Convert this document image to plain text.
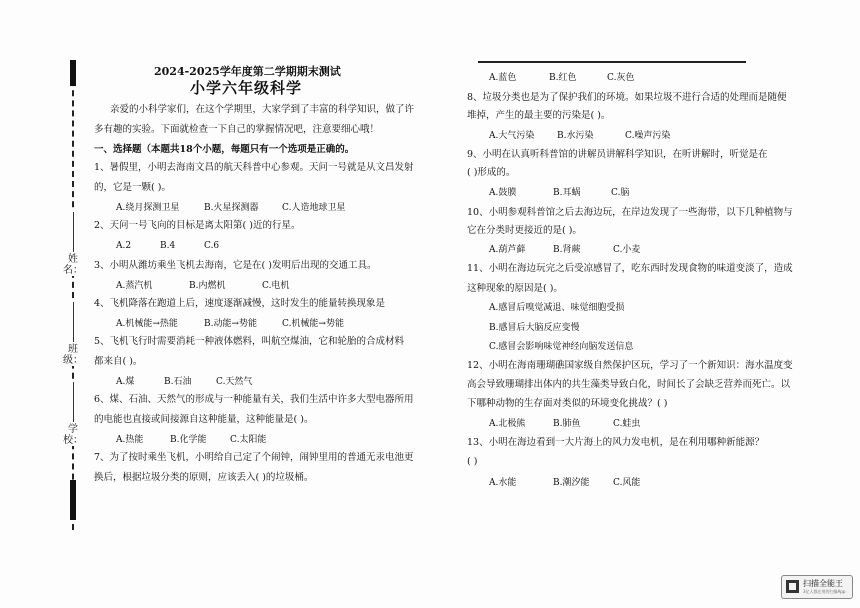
姓名：
班级：
学校：
2024-2025学年度第二学期期末测试
小学六年级科学
亲爱的小科学家们，在这个学期里，大家学到了丰富的科学知识，做了许
多有趣的实验。下面就检查一下自己的掌握情况吧，注意要细心哦！
一、选择题（本题共18个小题，每题只有一个选项是正确的。
1、暑假里，小明去海南文昌的航天科普中心参观。天问一号就是从文昌发射
的，它是一颗( )。
A.绕月探测卫星	B.火星探测器	C.人造地球卫星
2、天问一号飞向的目标是离太阳第( )近的行星。
A.2	B.4	C.6
3、小明从潍坊乘坐飞机去海南，它是在( )发明后出现的交通工具。
A.蒸汽机	B.内燃机	C.电机
4、飞机降落在跑道上后，速度逐渐减慢，这时发生的能量转换现象是
A.机械能→热能	B.动能→势能	C.机械能→势能
5、飞机飞行时需要消耗一种液体燃料，叫航空煤油，它和轮胎的合成材料
都来自( )。
A.煤	B.石油	C.天然气
6、煤、石油、天然气的形成与一种能量有关，我们生活中许多大型电器所用
的电能也直接或间接源自这种能量，这种能量是( )。
A.热能	B.化学能	C.太阳能
7、为了按时乘坐飞机，小明给自己定了个闹钟，闹钟里用的普通无汞电池更
换后，根据垃圾分类的原则，应该丢入( )的垃圾桶。
A.蓝色	B.红色	C.灰色
8、垃圾分类也是为了保护我们的环境。如果垃圾不进行合适的处理而是随便
堆掉，产生的最主要的污染是( )。
A.大气污染	B.水污染	C.噪声污染
9、小明在认真听科普馆的讲解员讲解科学知识，在听讲解时，听觉是在
( )形成的。
A.鼓膜	B.耳蜗	C.脑
10、小明参观科普馆之后去海边玩，在岸边发现了一些海带，以下几种植物与
它在分类时更接近的是( )。
A.葫芦藓	B.肾蕨	C.小麦
11、小明在海边玩完之后受凉感冒了，吃东西时发现食物的味道变淡了，造成
这种现象的原因是( )。
A.感冒后嗅觉减退、味觉细胞受损
B.感冒后大脑反应变慢
C.感冒会影响味觉神经向脑发送信息
12、小明在海南珊瑚礁国家级自然保护区玩，学习了一个新知识：海水温度变
高会导致珊瑚排出体内的共生藻类导致白化，时间长了会缺乏营养而死亡。以
下哪种动物的生存面对类似的环境变化挑战？( )
A.北极熊	B.肺鱼	C.蛙虫
13、小明在海边看到一大片海上的风力发电机，是在利用哪种新能源？
( )
A.水能	B.潮汐能	C.风能
扫描全能王
3亿人都在用的扫描App
